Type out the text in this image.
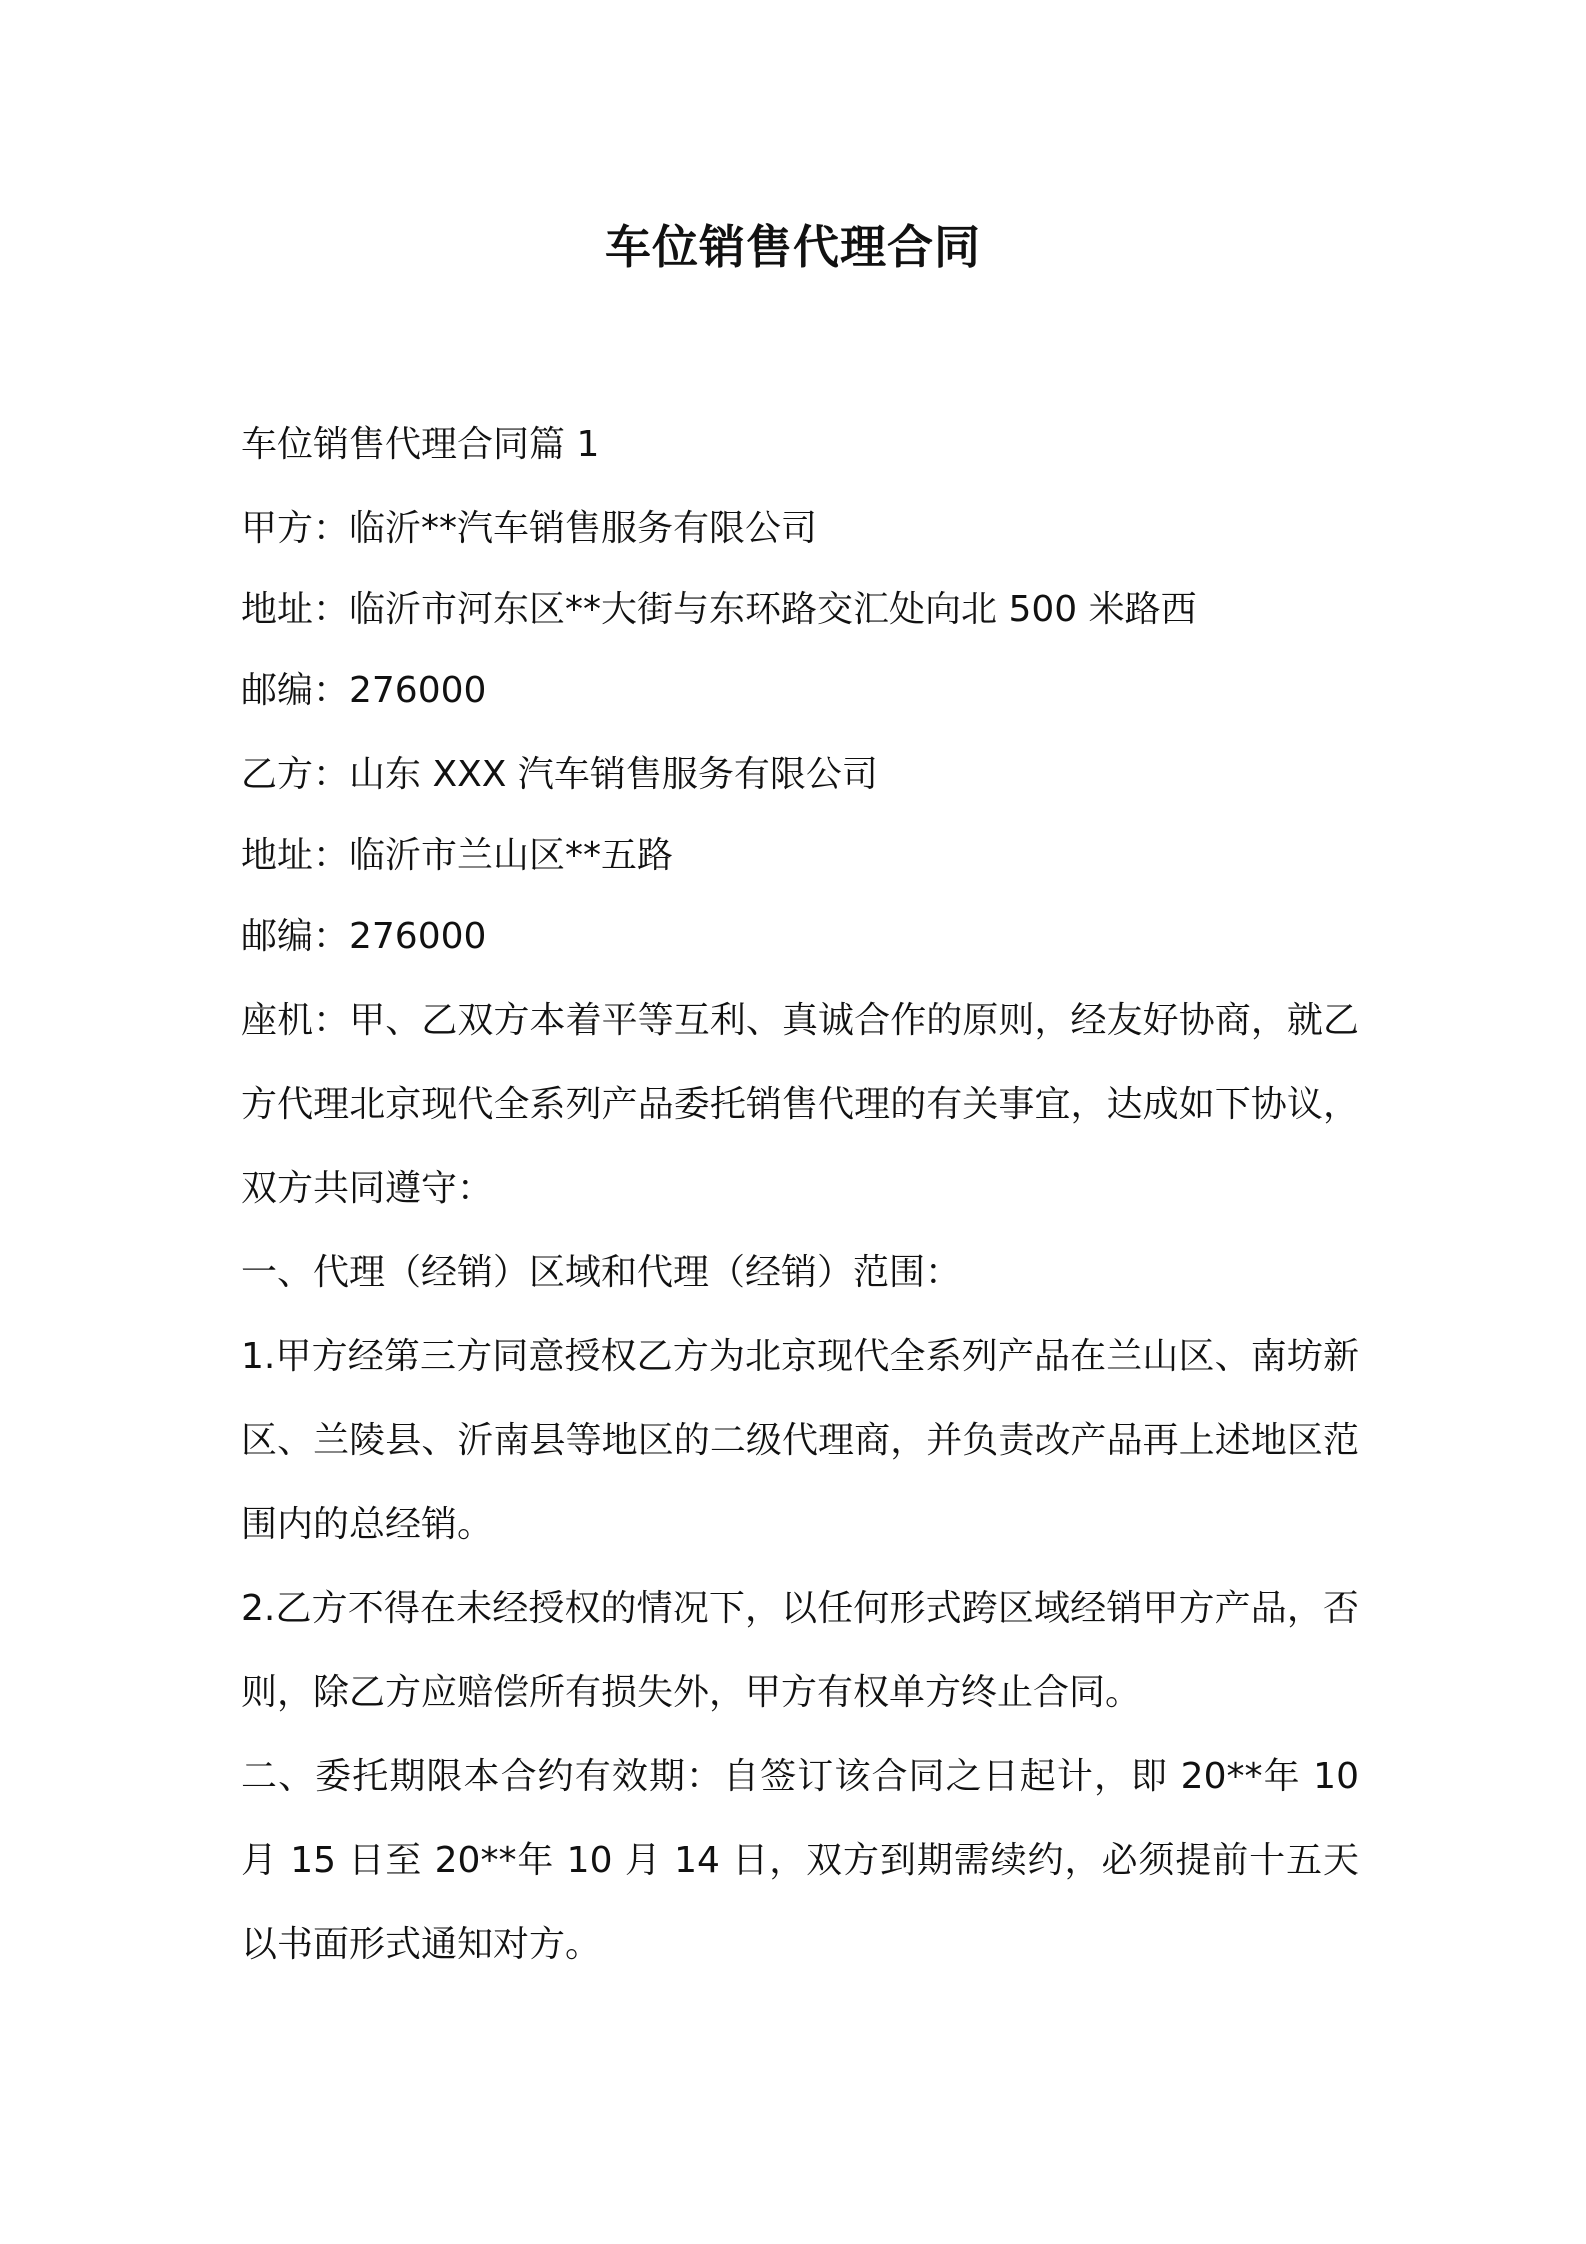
车位销售代理合同

车位销售代理合同篇 1

甲方：临沂**汽车销售服务有限公司

地址：临沂市河东区**大街与东环路交汇处向北 500 米路西

邮编：276000

乙方：山东 XXX 汽车销售服务有限公司

地址：临沂市兰山区**五路

邮编：276000

座机：甲、乙双方本着平等互利、真诚合作的原则，经友好协商，就乙方代理北京现代全系列产品委托销售代理的有关事宜，达成如下协议，双方共同遵守：

一、代理（经销）区域和代理（经销）范围：

1.甲方经第三方同意授权乙方为北京现代全系列产品在兰山区、南坊新区、兰陵县、沂南县等地区的二级代理商，并负责改产品再上述地区范围内的总经销。

2.乙方不得在未经授权的情况下，以任何形式跨区域经销甲方产品，否则，除乙方应赔偿所有损失外，甲方有权单方终止合同。

二、委托期限本合约有效期：自签订该合同之日起计，即 20**年 10 月 15 日至 20**年 10 月 14 日，双方到期需续约，必须提前十五天以书面形式通知对方。
